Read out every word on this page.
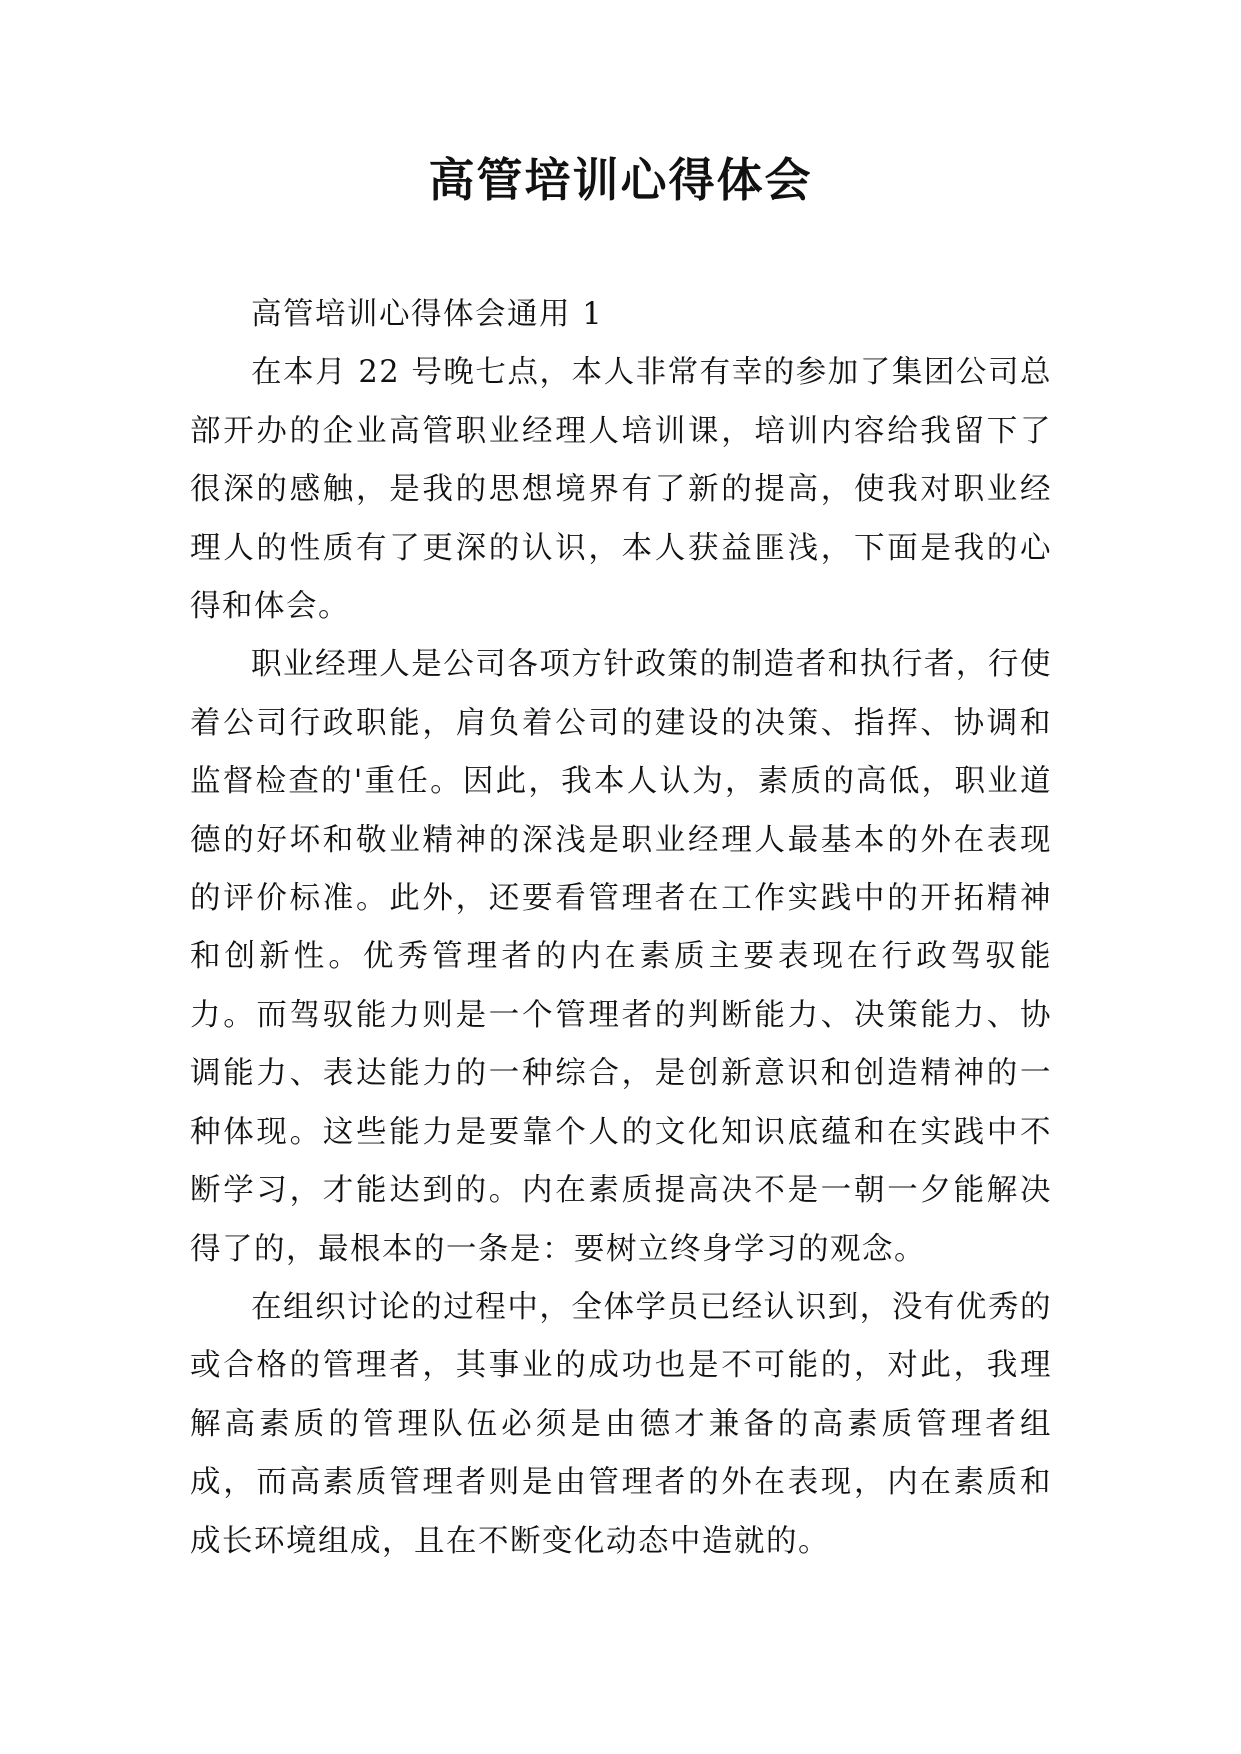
高管培训心得体会

高管培训心得体会通用 1

在本月 22 号晚七点，本人非常有幸的参加了集团公司总部开办的企业高管职业经理人培训课，培训内容给我留下了很深的感触，是我的思想境界有了新的提高，使我对职业经理人的性质有了更深的认识，本人获益匪浅，下面是我的心得和体会。

职业经理人是公司各项方针政策的制造者和执行者，行使着公司行政职能，肩负着公司的建设的决策、指挥、协调和监督检查的'重任。因此，我本人认为，素质的高低，职业道德的好坏和敬业精神的深浅是职业经理人最基本的外在表现的评价标准。此外，还要看管理者在工作实践中的开拓精神和创新性。优秀管理者的内在素质主要表现在行政驾驭能力。而驾驭能力则是一个管理者的判断能力、决策能力、协调能力、表达能力的一种综合，是创新意识和创造精神的一种体现。这些能力是要靠个人的文化知识底蕴和在实践中不断学习，才能达到的。内在素质提高决不是一朝一夕能解决得了的，最根本的一条是：要树立终身学习的观念。

在组织讨论的过程中，全体学员已经认识到，没有优秀的或合格的管理者，其事业的成功也是不可能的，对此，我理解高素质的管理队伍必须是由德才兼备的高素质管理者组成，而高素质管理者则是由管理者的外在表现，内在素质和成长环境组成，且在不断变化动态中造就的。
